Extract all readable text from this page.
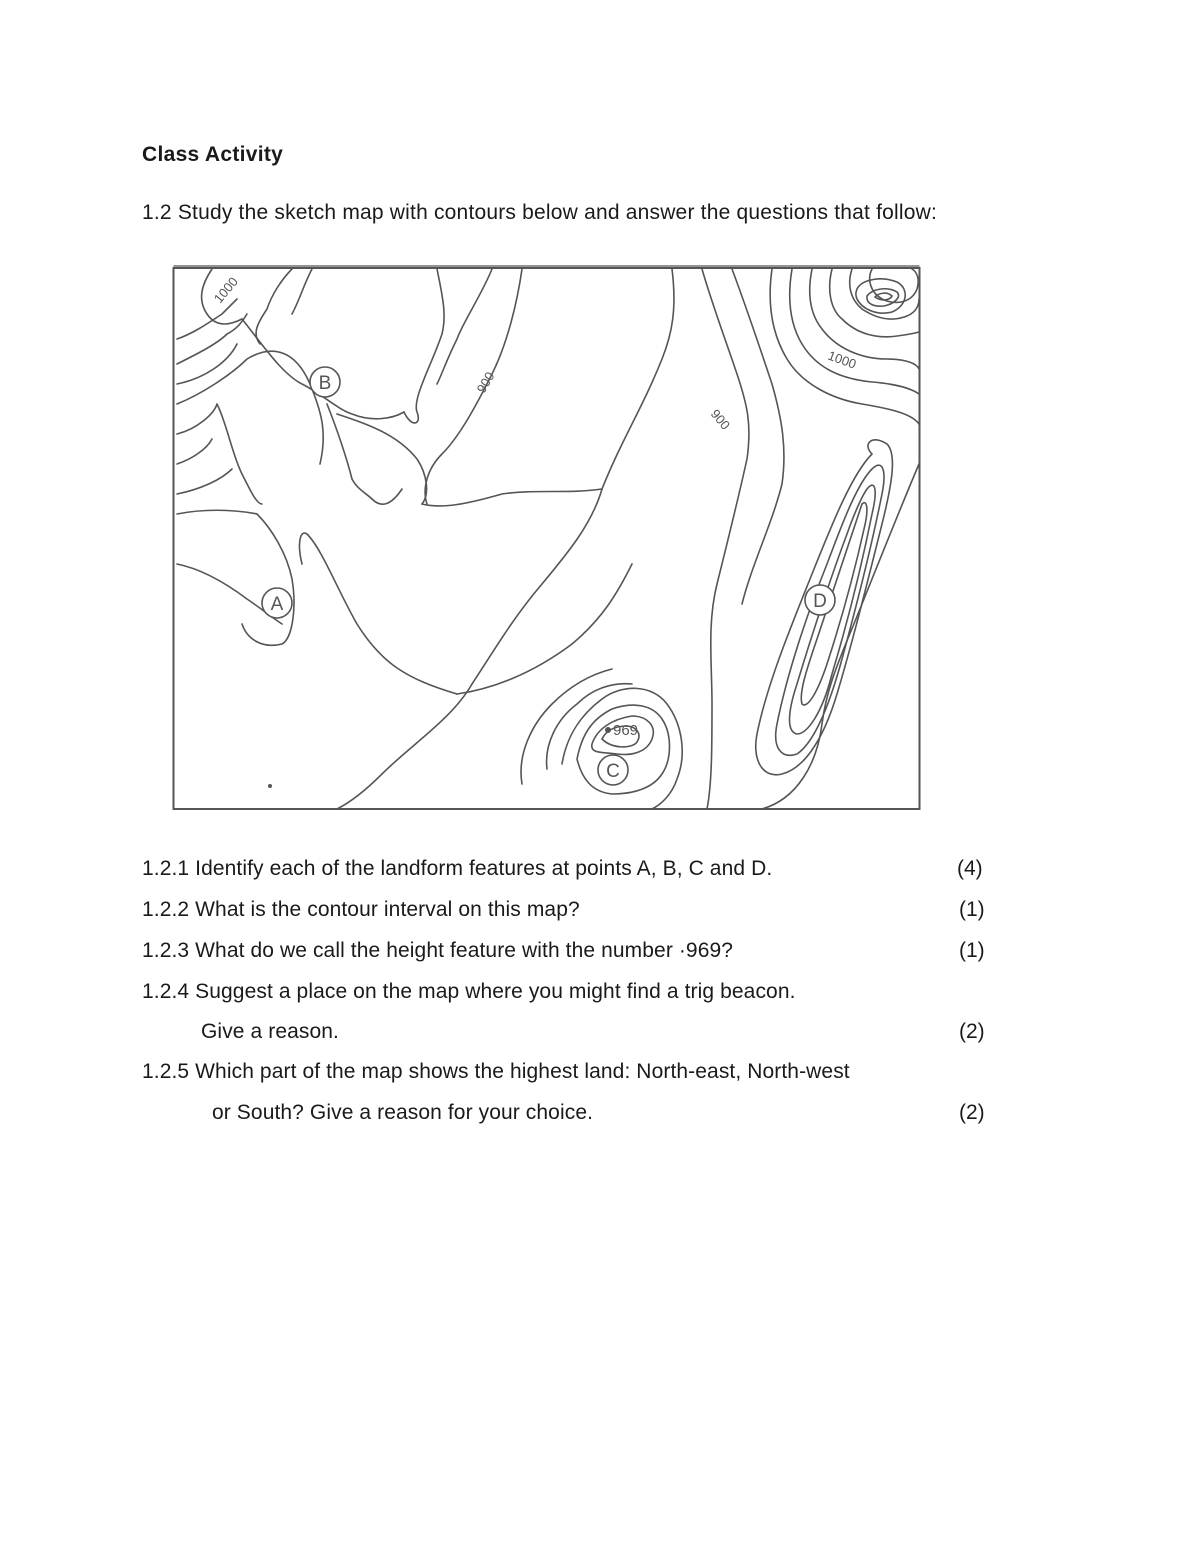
Class Activity
1.2 Study the sketch map with contours below and answer the questions that follow:
1000
900
900
1000
969
A
B
C
D
1.2.1 Identify each of the landform features at points A, B, C and D.	(4)
1.2.2 What is the contour interval on this map?	(1)
1.2.3 What do we call the height feature with the number ·969?	(1)
1.2.4 Suggest a place on the map where you might find a trig beacon.
Give a reason.	(2)
1.2.5 Which part of the map shows the highest land: North-east, North-west
or South? Give a reason for your choice.	(2)
